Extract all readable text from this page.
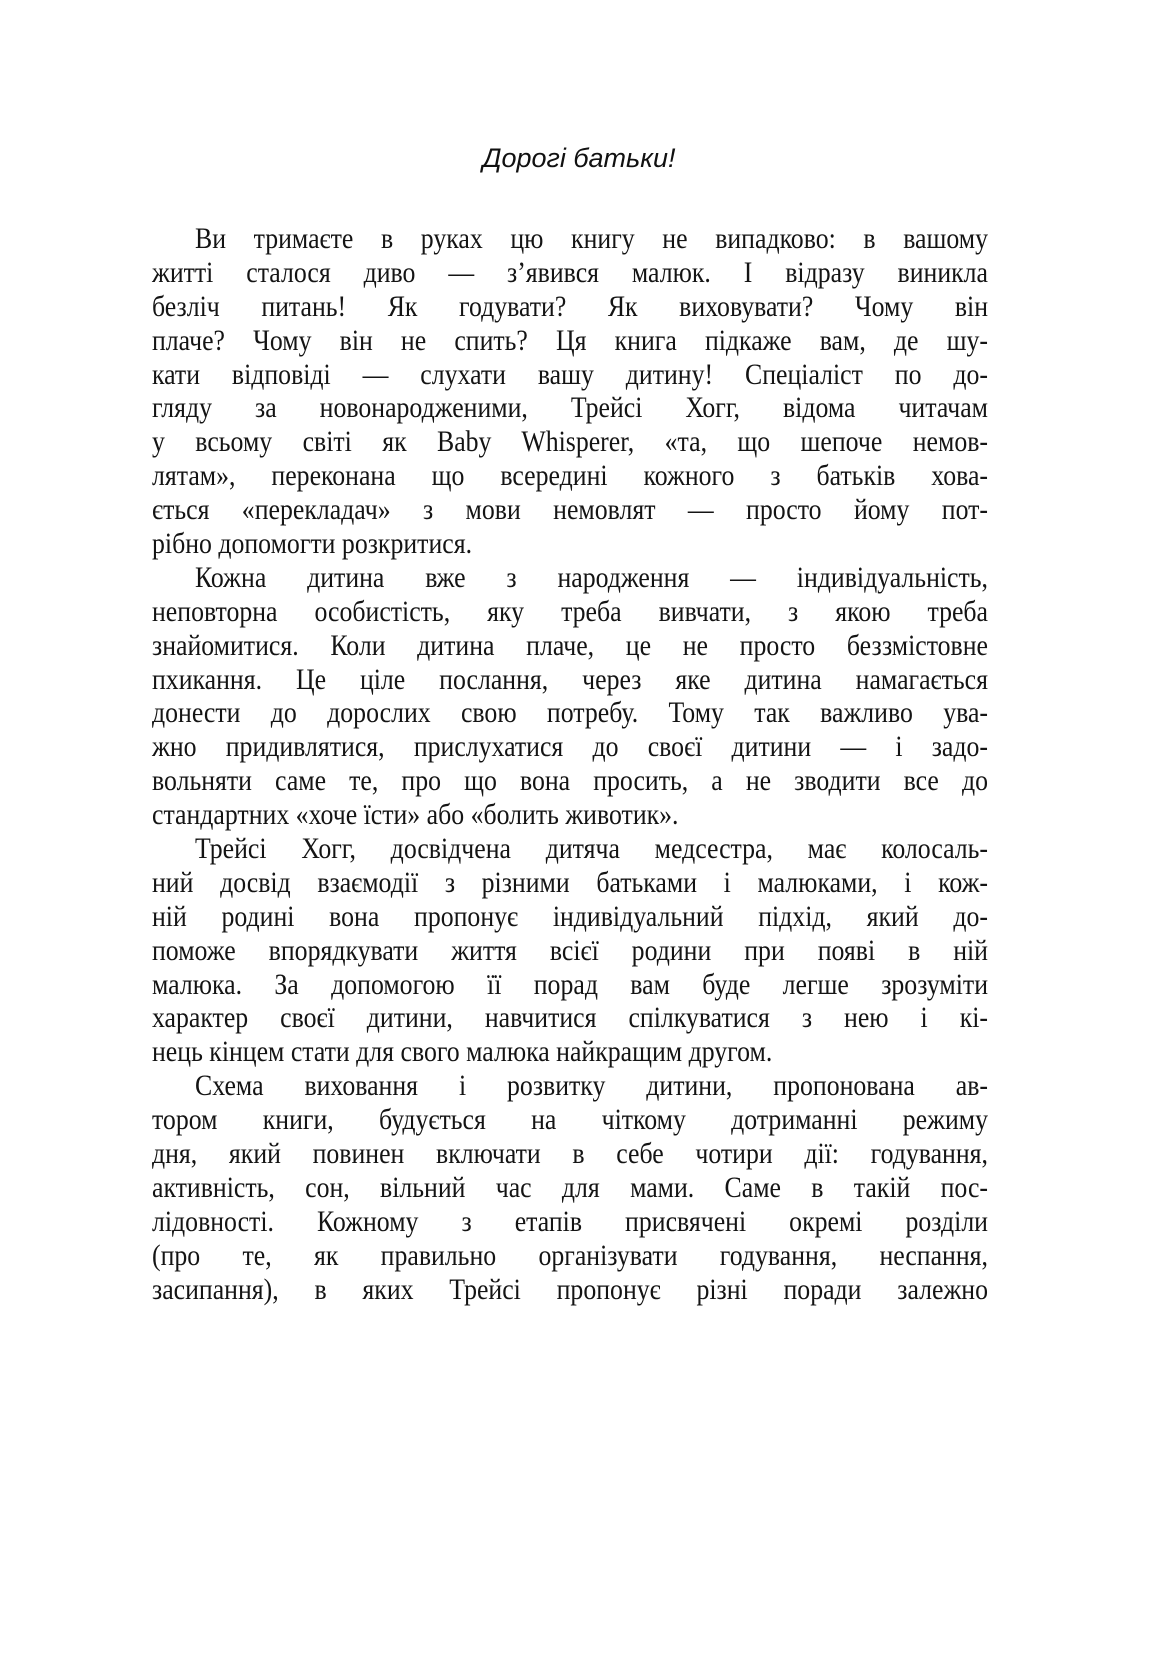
Дорогі батьки!
Ви тримаєте в руках цю книгу не випадково: в вашому
житті сталося диво — з’явився малюк. І відразу виникла
безліч питань! Як годувати? Як виховувати? Чому він
плаче? Чому він не спить? Ця книга підкаже вам, де шу-
кати відповіді — слухати вашу дитину! Спеціаліст по до-
гляду за новонародженими, Трейсі Хогг, відома читачам
у всьому світі як Baby Whisperer, «та, що шепоче немов-
лятам», переконана що всередині кожного з батьків хова-
ється «перекладач» з мови немовлят — просто йому пот-
рібно допомогти розкритися.
Кожна дитина вже з народження — індивідуальність,
неповторна особистість, яку треба вивчати, з якою треба
знайомитися. Коли дитина плаче, це не просто беззмістовне
пхикання. Це ціле послання, через яке дитина намагається
донести до дорослих свою потребу. Тому так важливо ува-
жно придивлятися, прислухатися до своєї дитини — і задо-
вольняти саме те, про що вона просить, а не зводити все до
стандартних «хоче їсти» або «болить животик».
Трейсі Хогг, досвідчена дитяча медсестра, має колосаль-
ний досвід взаємодії з різними батьками і малюками, і кож-
ній родині вона пропонує індивідуальний підхід, який до-
поможе впорядкувати життя всієї родини при появі в ній
малюка. За допомогою її порад вам буде легше зрозуміти
характер своєї дитини, навчитися спілкуватися з нею і кі-
нець кінцем стати для свого малюка найкращим другом.
Схема виховання і розвитку дитини, пропонована ав-
тором книги, будується на чіткому дотриманні режиму
дня, який повинен включати в себе чотири дії: годування,
активність, сон, вільний час для мами. Саме в такій пос-
лідовності. Кожному з етапів присвячені окремі розділи
(про те, як правильно організувати годування, неспання,
засипання), в яких Трейсі пропонує різні поради залежно
